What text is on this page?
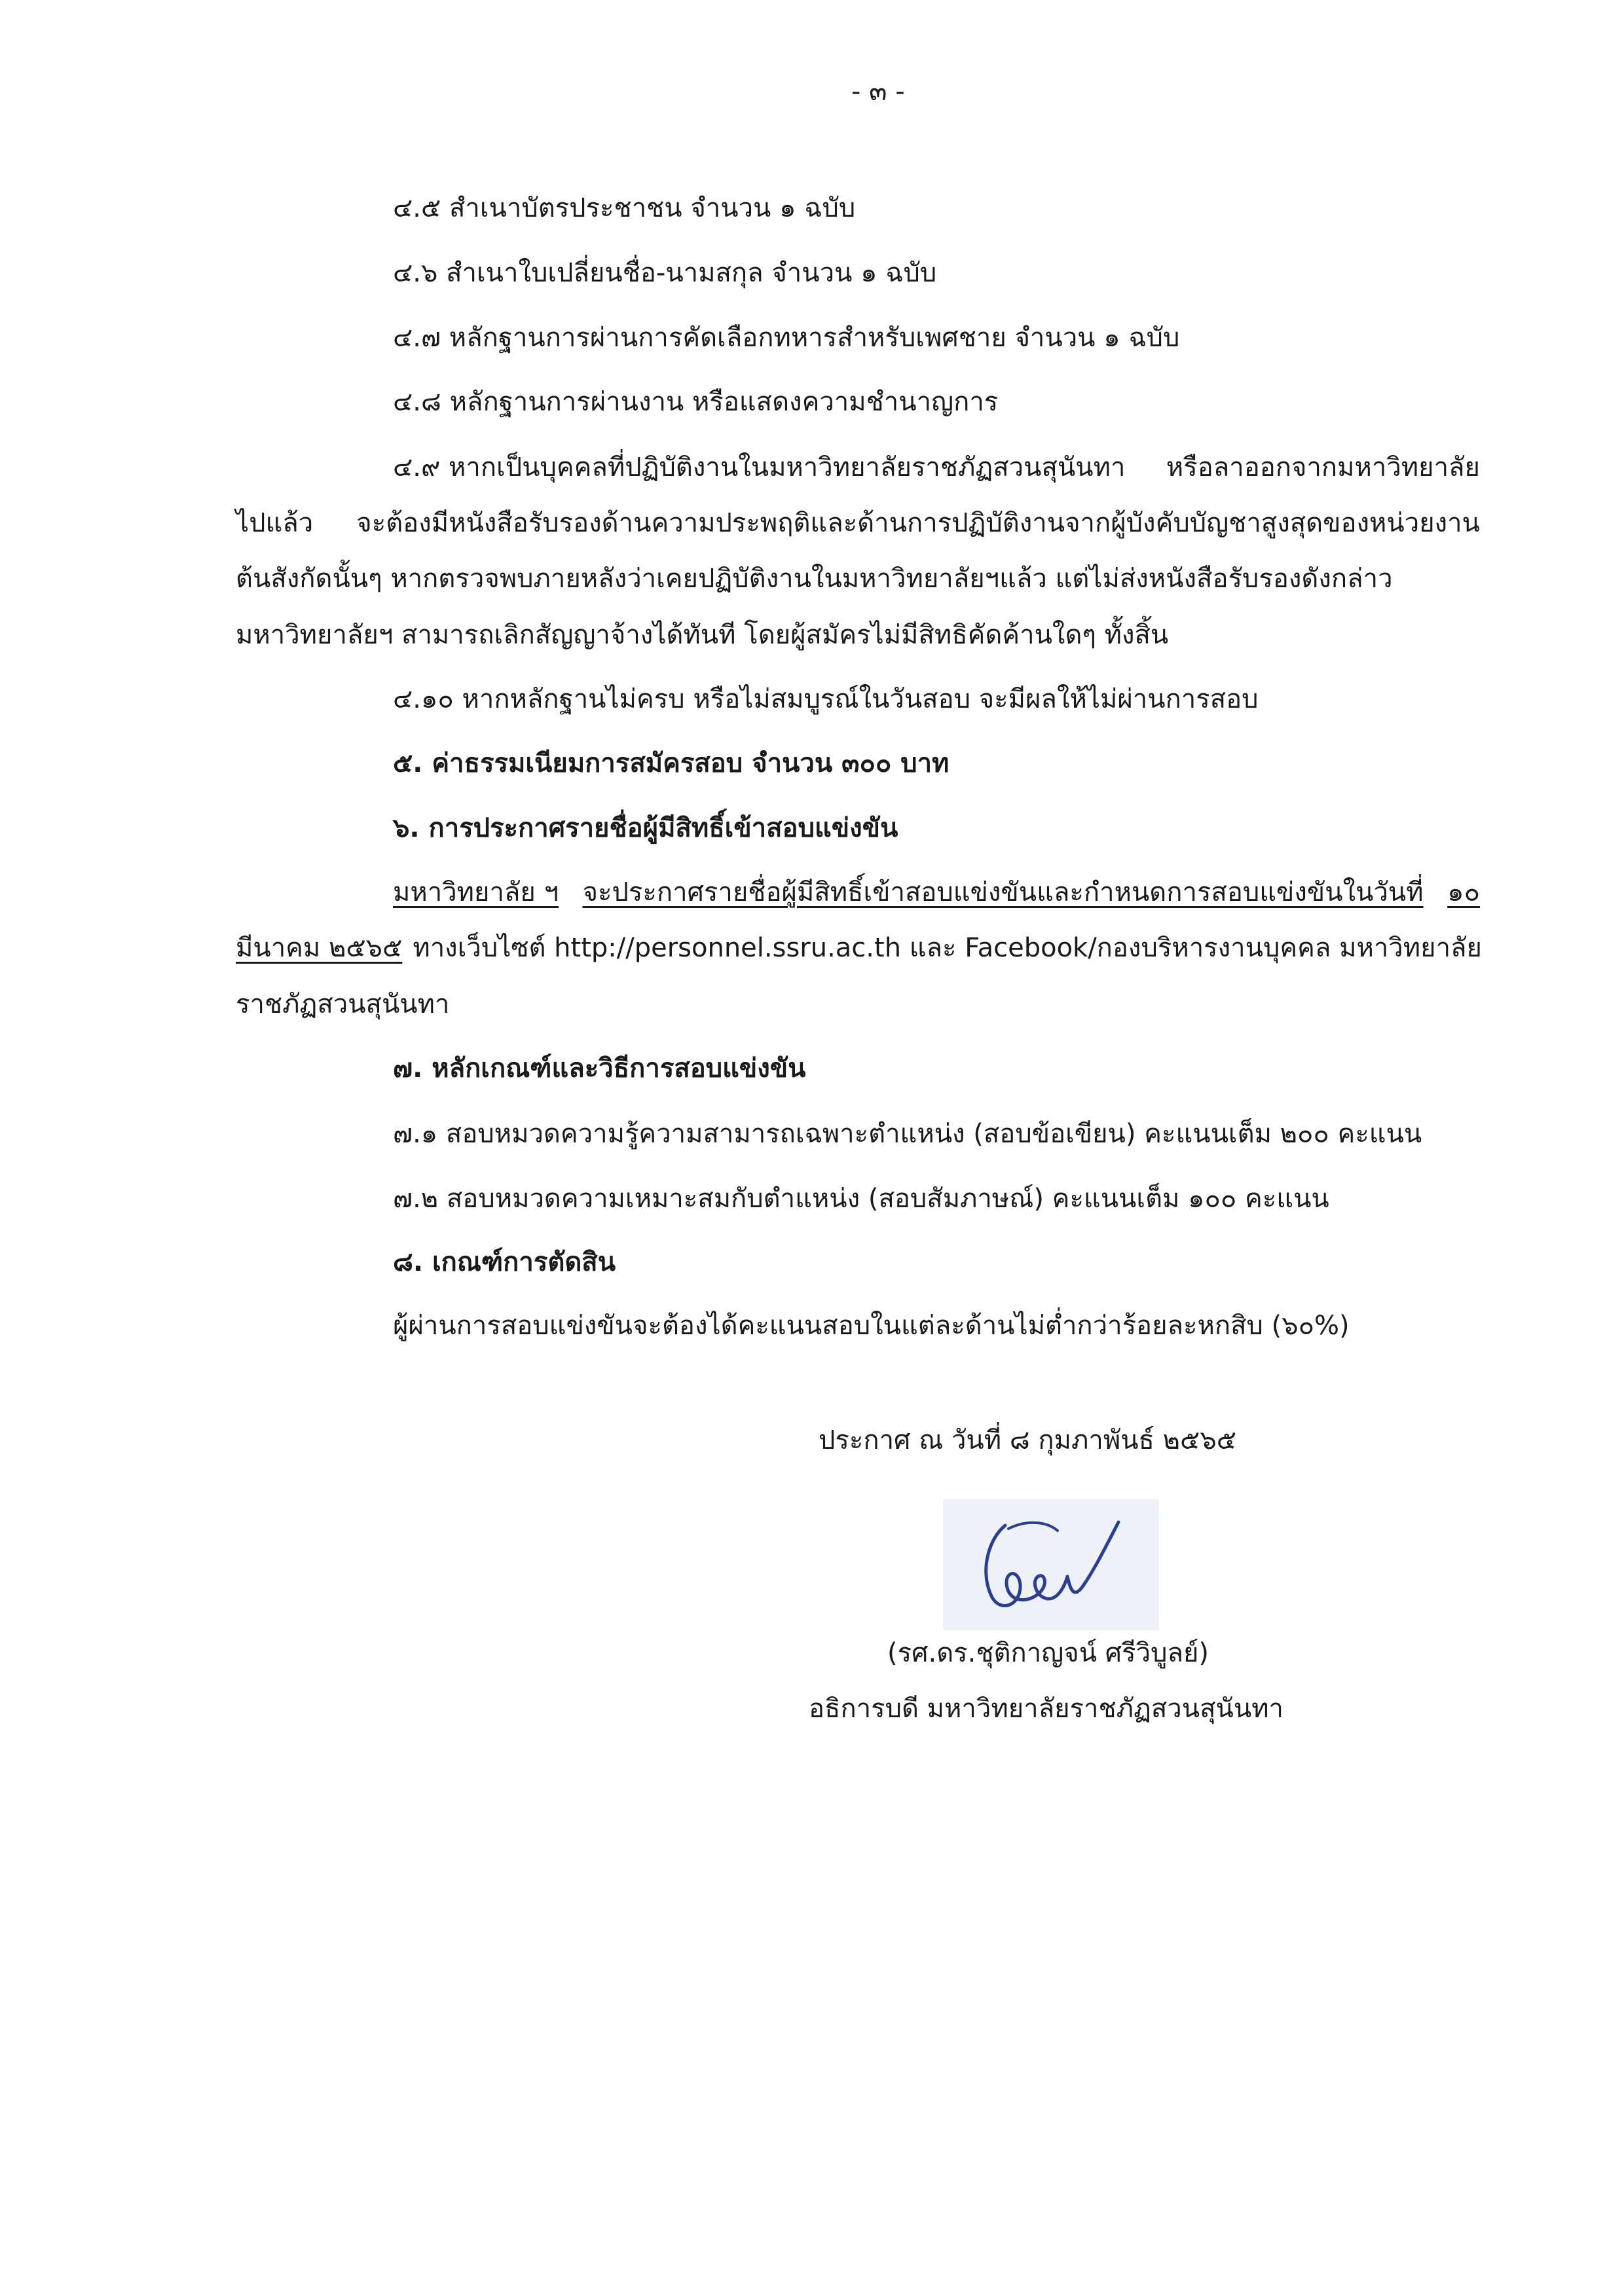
- ๓ -
๔.๕ สำเนาบัตรประชาชน จำนวน ๑ ฉบับ
๔.๖ สำเนาใบเปลี่ยนชื่อ-นามสกุล จำนวน ๑ ฉบับ
๔.๗ หลักฐานการผ่านการคัดเลือกทหารสำหรับเพศชาย จำนวน ๑ ฉบับ
๔.๘ หลักฐานการผ่านงาน หรือแสดงความชำนาญการ
๔.๙ หากเป็นบุคคลที่ปฏิบัติงานในมหาวิทยาลัยราชภัฏสวนสุนันทา หรือลาออกจากมหาวิทยาลัย
ไปแล้ว จะต้องมีหนังสือรับรองด้านความประพฤติและด้านการปฏิบัติงานจากผู้บังคับบัญชาสูงสุดของหน่วยงาน
ต้นสังกัดนั้นๆ หากตรวจพบภายหลังว่าเคยปฏิบัติงานในมหาวิทยาลัยฯแล้ว แต่ไม่ส่งหนังสือรับรองดังกล่าว
มหาวิทยาลัยฯ สามารถเลิกสัญญาจ้างได้ทันที โดยผู้สมัครไม่มีสิทธิคัดค้านใดๆ ทั้งสิ้น
๔.๑๐ หากหลักฐานไม่ครบ หรือไม่สมบูรณ์ในวันสอบ จะมีผลให้ไม่ผ่านการสอบ
๕. ค่าธรรมเนียมการสมัครสอบ จำนวน ๓๐๐ บาท
๖. การประกาศรายชื่อผู้มีสิทธิ์เข้าสอบแข่งขัน
มหาวิทยาลัย ฯ จะประกาศรายชื่อผู้มีสิทธิ์เข้าสอบแข่งขันและกำหนดการสอบแข่งขันในวันที่ ๑๐
มีนาคม ๒๕๖๕ ทางเว็บไซต์ http://personnel.ssru.ac.th และ Facebook/กองบริหารงานบุคคล มหาวิทยาลัย
ราชภัฏสวนสุนันทา
๗. หลักเกณฑ์และวิธีการสอบแข่งขัน
๗.๑ สอบหมวดความรู้ความสามารถเฉพาะตำแหน่ง (สอบข้อเขียน) คะแนนเต็ม ๒๐๐ คะแนน
๗.๒ สอบหมวดความเหมาะสมกับตำแหน่ง (สอบสัมภาษณ์) คะแนนเต็ม ๑๐๐ คะแนน
๘. เกณฑ์การตัดสิน
ผู้ผ่านการสอบแข่งขันจะต้องได้คะแนนสอบในแต่ละด้านไม่ต่ำกว่าร้อยละหกสิบ (๖๐%)
ประกาศ ณ วันที่ ๘ กุมภาพันธ์ ๒๕๖๕
(รศ.ดร.ชุติกาญจน์ ศรีวิบูลย์)
อธิการบดี มหาวิทยาลัยราชภัฏสวนสุนันทา
